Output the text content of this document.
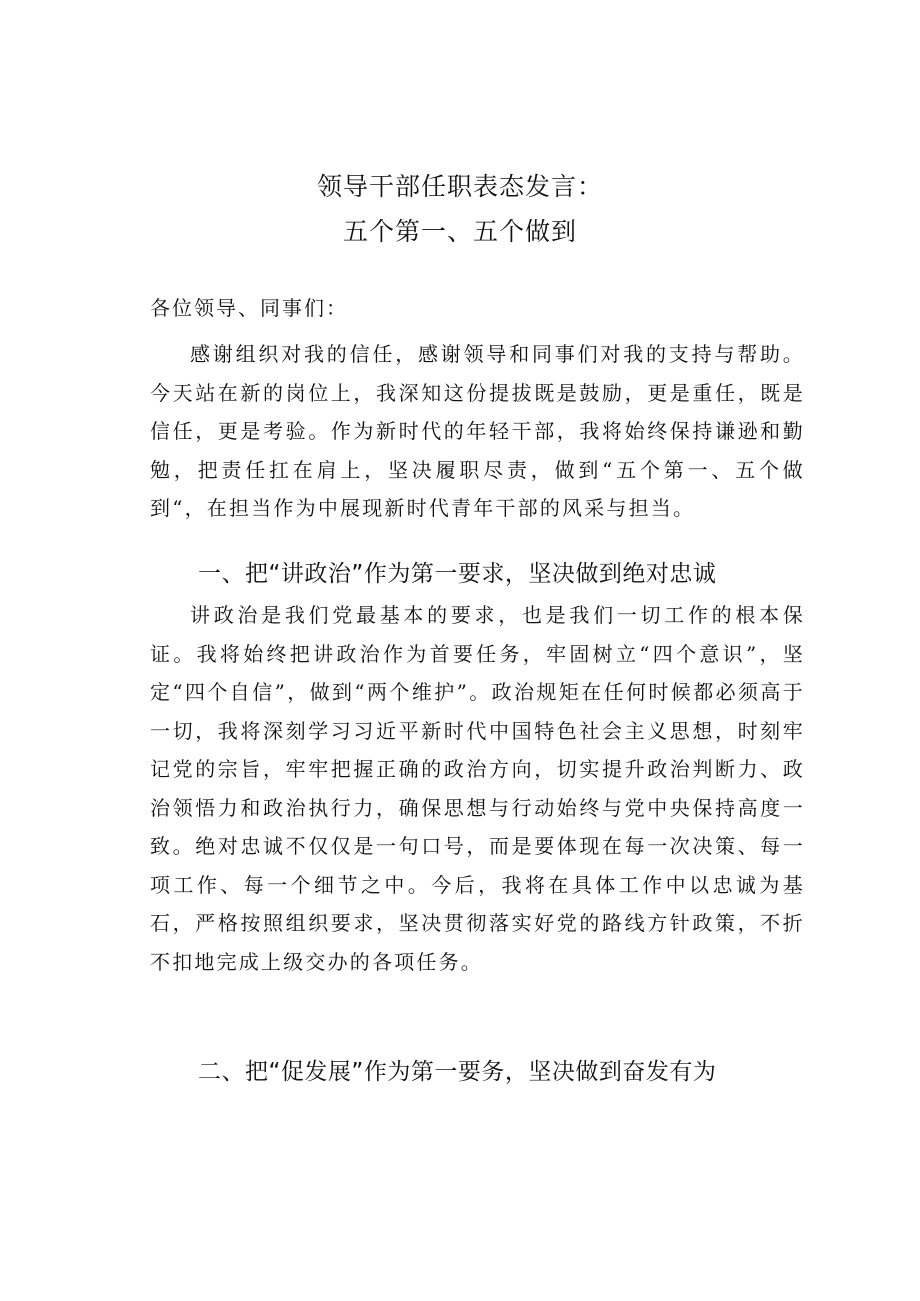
领导干部任职表态发言：
五个第一、五个做到
各位领导、同事们：

感谢组织对我的信任，感谢领导和同事们对我的支持与帮助。今天站在新的岗位上，我深知这份提拔既是鼓励，更是重任，既是信任，更是考验。作为新时代的年轻干部，我将始终保持谦逊和勤勉，把责任扛在肩上，坚决履职尽责，做到“五个第一、五个做到“，在担当作为中展现新时代青年干部的风采与担当。

一、把“讲政治”作为第一要求，坚决做到绝对忠诚

讲政治是我们党最基本的要求，也是我们一切工作的根本保证。我将始终把讲政治作为首要任务，牢固树立“四个意识”，坚定“四个自信”，做到“两个维护”。政治规矩在任何时候都必须高于一切，我将深刻学习习近平新时代中国特色社会主义思想，时刻牢记党的宗旨，牢牢把握正确的政治方向，切实提升政治判断力、政治领悟力和政治执行力，确保思想与行动始终与党中央保持高度一致。绝对忠诚不仅仅是一句口号，而是要体现在每一次决策、每一项工作、每一个细节之中。今后，我将在具体工作中以忠诚为基石，严格按照组织要求，坚决贯彻落实好党的路线方针政策，不折不扣地完成上级交办的各项任务。

二、把“促发展”作为第一要务，坚决做到奋发有为
